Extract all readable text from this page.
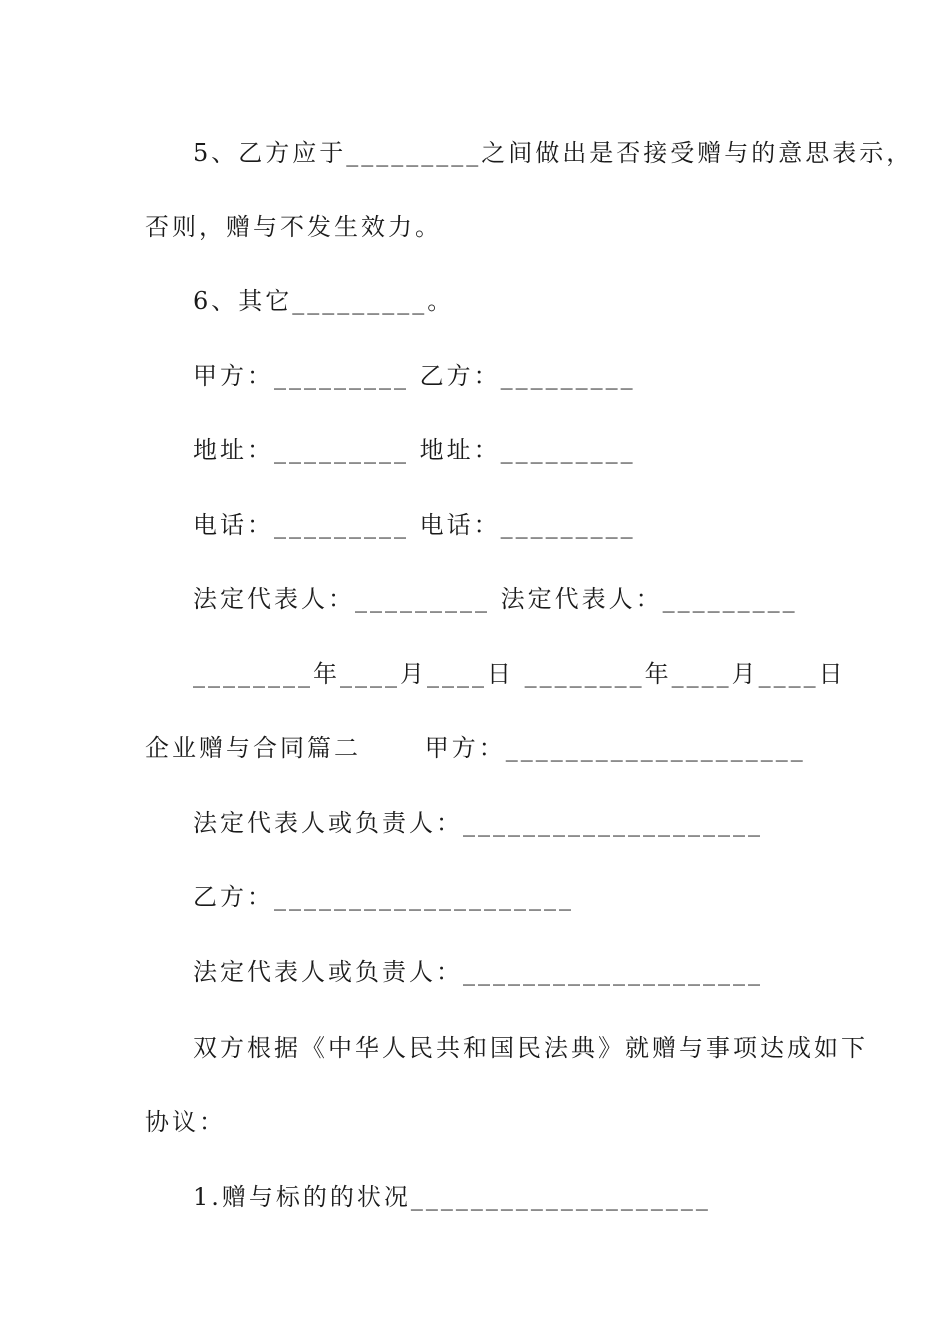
5、乙方应于_________之间做出是否接受赠与的意思表示，
否则，赠与不发生效力。
6、其它_________。
甲方：_________ 乙方：_________
地址：_________ 地址：_________
电话：_________ 电话：_________
法定代表人：_________ 法定代表人：_________
________年____月____日 ________年____月____日
企业赠与合同篇二      甲方：____________________
法定代表人或负责人：____________________
乙方：____________________
法定代表人或负责人：____________________
双方根据《中华人民共和国民法典》就赠与事项达成如下
协议：
1.赠与标的的状况____________________
